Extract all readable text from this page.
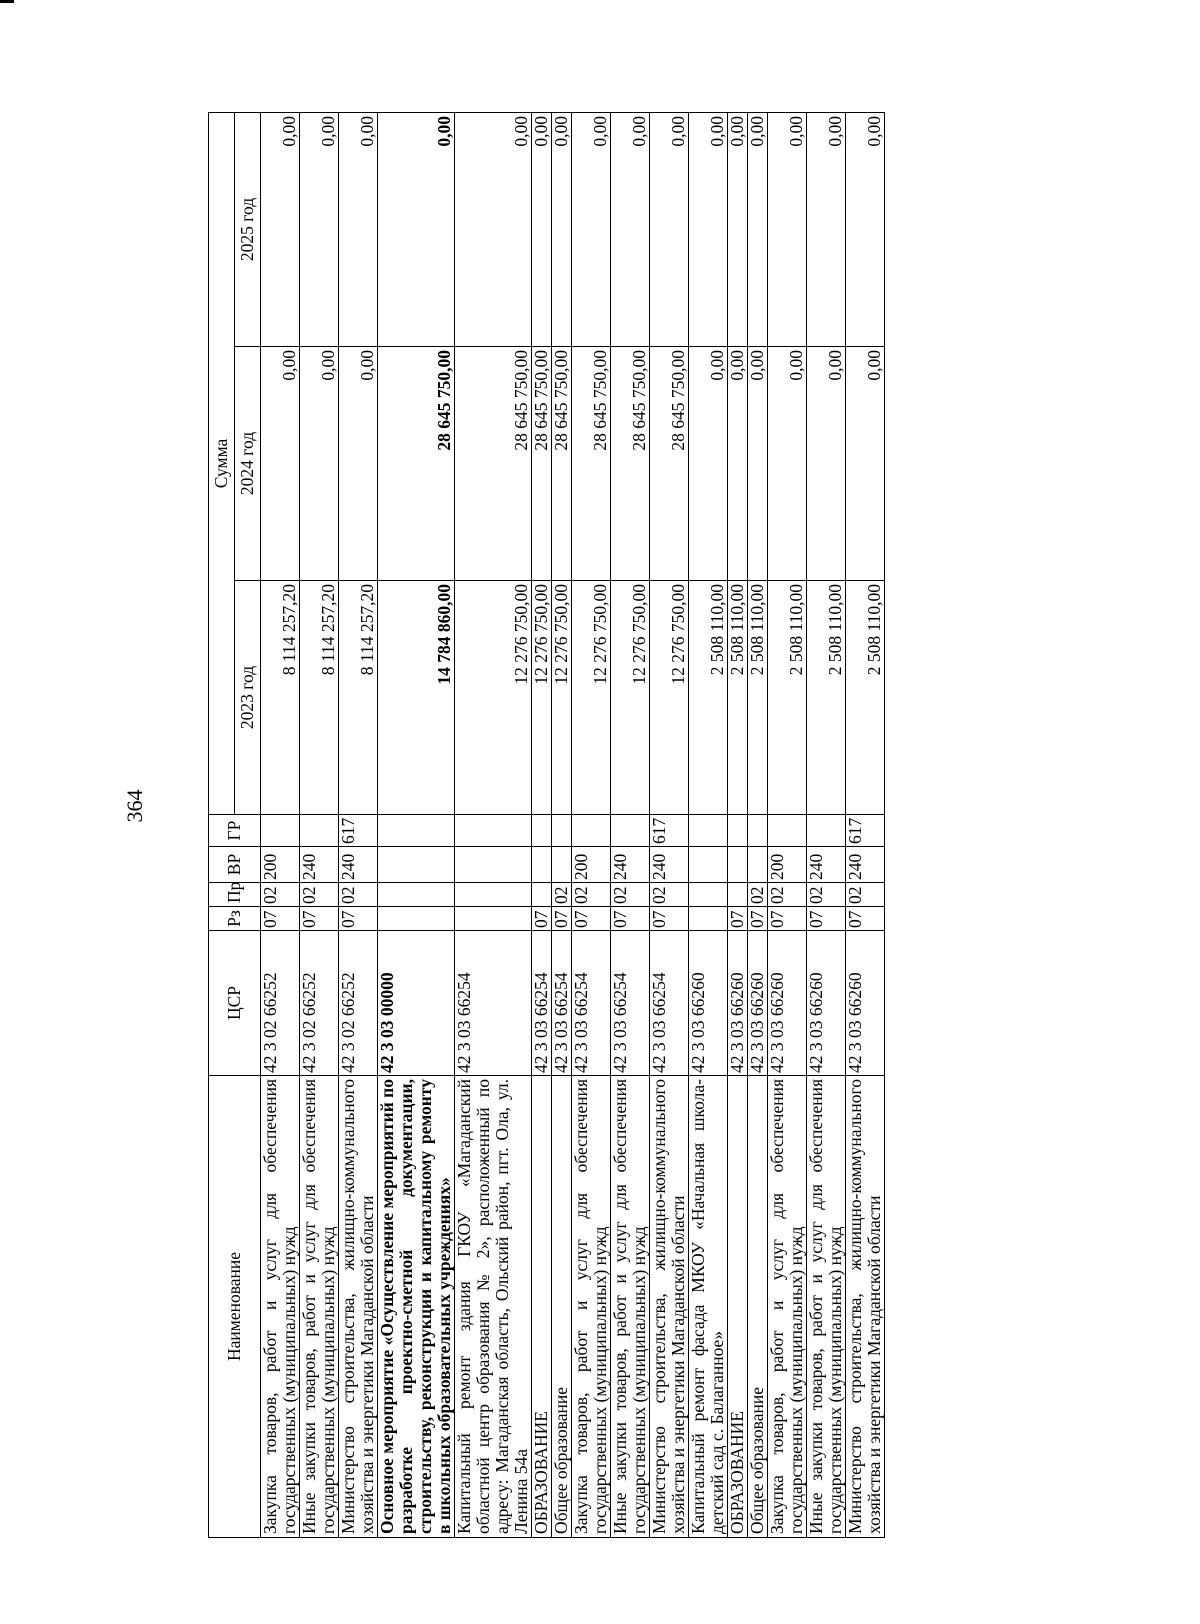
364
Наименование	ЦСР	Рз	Пр	ВР	ГР	Сумма		
						2023 год	2024 год	2025 год
Закупка товаров, работ и услуг для обеспечения государственных (муниципальных) нужд	42 3 02 66252	07	02	200		8 114 257,20	0,00	0,00
Иные закупки товаров, работ и услуг для обеспечения государственных (муниципальных) нужд	42 3 02 66252	07	02	240		8 114 257,20	0,00	0,00
Министерство строительства, жилищно-коммунального хозяйства и энергетики Магаданской области	42 3 02 66252	07	02	240	617	8 114 257,20	0,00	0,00
Основное мероприятие «Осуществление мероприятий по разработке проектно-сметной документации, строительству, реконструкции и капитальному ремонту в школьных образовательных учреждениях»	42 3 03 00000					14 784 860,00	28 645 750,00	0,00
Капитальный ремонт здания ГКОУ «Магаданский областной центр образования № 2», расположенный по адресу: Магаданская область, Ольский район, пгт. Ола, ул. Ленина 54а	42 3 03 66254					12 276 750,00	28 645 750,00	0,00
ОБРАЗОВАНИЕ	42 3 03 66254	07				12 276 750,00	28 645 750,00	0,00
Общее образование	42 3 03 66254	07	02			12 276 750,00	28 645 750,00	0,00
Закупка товаров, работ и услуг для обеспечения государственных (муниципальных) нужд	42 3 03 66254	07	02	200		12 276 750,00	28 645 750,00	0,00
Иные закупки товаров, работ и услуг для обеспечения государственных (муниципальных) нужд	42 3 03 66254	07	02	240		12 276 750,00	28 645 750,00	0,00
Министерство строительства, жилищно-коммунального хозяйства и энергетики Магаданской области	42 3 03 66254	07	02	240	617	12 276 750,00	28 645 750,00	0,00
Капитальный ремонт фасада МКОУ «Начальная школа-детский сад с. Балаганное»	42 3 03 66260					2 508 110,00	0,00	0,00
ОБРАЗОВАНИЕ	42 3 03 66260	07				2 508 110,00	0,00	0,00
Общее образование	42 3 03 66260	07	02			2 508 110,00	0,00	0,00
Закупка товаров, работ и услуг для обеспечения государственных (муниципальных) нужд	42 3 03 66260	07	02	200		2 508 110,00	0,00	0,00
Иные закупки товаров, работ и услуг для обеспечения государственных (муниципальных) нужд	42 3 03 66260	07	02	240		2 508 110,00	0,00	0,00
Министерство строительства, жилищно-коммунального хозяйства и энергетики Магаданской области	42 3 03 66260	07	02	240	617	2 508 110,00	0,00	0,00
